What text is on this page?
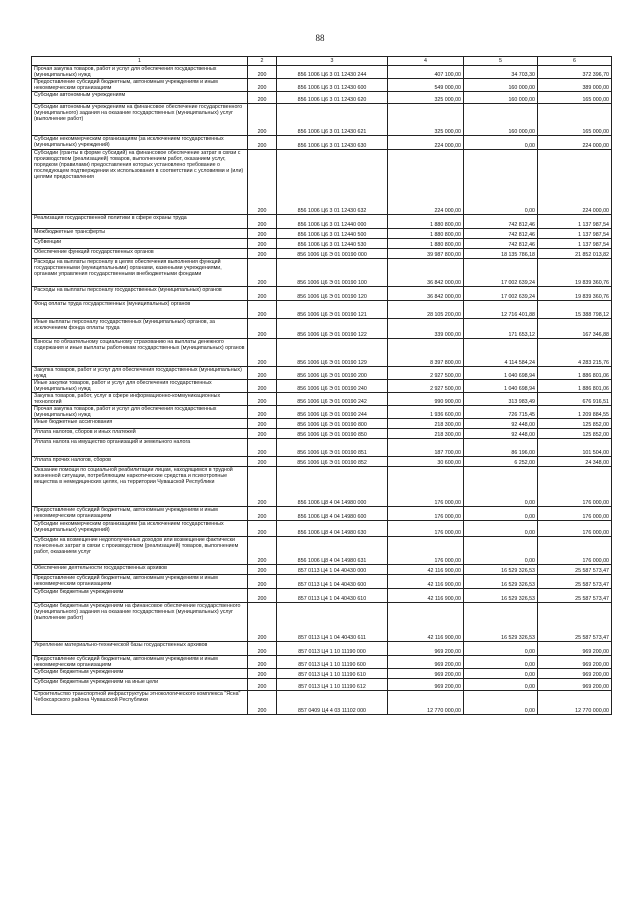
88
1	2	3	4	5	6
Прочая закупка товаров, работ и услуг для обеспечения государственных (муниципальных) нужд	200	856 1006 Ц6 3 01 12430 244	407 100,00	34 703,30	372 396,70
Предоставление субсидий бюджетным, автономным учреждениям и иным некоммерческим организациям	200	856 1006 Ц6 3 01 12430 600	549 000,00	160 000,00	389 000,00
Субсидии автономным учреждениям	200	856 1006 Ц6 3 01 12430 620	325 000,00	160 000,00	165 000,00
Субсидии автономным учреждениям на финансовое обеспечение государственного (муниципального) задания на оказание государственных (муниципальных) услуг (выполнение работ)	200	856 1006 Ц6 3 01 12430 621	325 000,00	160 000,00	165 000,00
Субсидии некоммерческим организациям (за исключением государственных (муниципальных) учреждений)	200	856 1006 Ц6 3 01 12430 630	224 000,00	0,00	224 000,00
Субсидии (гранты в форме субсидий) на финансовое обеспечение затрат в связи с производством (реализацией) товаров, выполнением работ, оказанием услуг, порядком (правилами) предоставления которых установлено требование о последующем подтверждении их использования в соответствии с условиями и (или) целями предоставления	200	856 1006 Ц6 3 01 12430 632	224 000,00	0,00	224 000,00
Реализация государственной политики в сфере охраны труда	200	856 1006 Ц6 3 01 12440 000	1 880 800,00	742 812,46	1 137 987,54
Межбюджетные трансферты	200	856 1006 Ц6 3 01 12440 500	1 880 800,00	742 812,46	1 137 987,54
Субвенции	200	856 1006 Ц6 3 01 12440 530	1 880 800,00	742 812,46	1 137 987,54
Обеспечение функций государственных органов	200	856 1006 Ц6 Э 01 00190 000	39 987 800,00	18 135 786,18	21 852 013,82
Расходы на выплаты персоналу в целях обеспечения выполнения функций государственными (муниципальными) органами, казенными учреждениями, органами управления государственными внебюджетными фондами	200	856 1006 Ц6 Э 01 00190 100	36 842 000,00	17 002 639,24	19 839 360,76
Расходы на выплаты персоналу государственных (муниципальных) органов	200	856 1006 Ц6 Э 01 00190 120	36 842 000,00	17 002 639,24	19 839 360,76
Фонд оплаты труда государственных (муниципальных) органов	200	856 1006 Ц6 Э 01 00190 121	28 105 200,00	12 716 401,88	15 388 798,12
Иные выплаты персоналу государственных (муниципальных) органов, за исключением фонда оплаты труда	200	856 1006 Ц6 Э 01 00190 122	339 000,00	171 653,12	167 346,88
Взносы по обязательному социальному страхованию на выплаты денежного содержания и иные выплаты работникам государственных (муниципальных) органов	200	856 1006 Ц6 Э 01 00190 129	8 397 800,00	4 114 584,24	4 283 215,76
Закупка товаров, работ и услуг для обеспечения государственных (муниципальных) нужд	200	856 1006 Ц6 Э 01 00190 200	2 927 500,00	1 040 698,94	1 886 801,06
Иные закупки товаров, работ и услуг для обеспечения государственных (муниципальных) нужд	200	856 1006 Ц6 Э 01 00190 240	2 927 500,00	1 040 698,94	1 886 801,06
Закупка товаров, работ, услуг в сфере информационно-коммуникационных технологий	200	856 1006 Ц6 Э 01 00190 242	990 900,00	313 983,49	676 916,51
Прочая закупка товаров, работ и услуг для обеспечения государственных (муниципальных) нужд	200	856 1006 Ц6 Э 01 00190 244	1 936 600,00	726 715,45	1 209 884,55
Иные бюджетные ассигнования	200	856 1006 Ц6 Э 01 00190 800	218 300,00	92 448,00	125 852,00
Уплата налогов, сборов и иных платежей	200	856 1006 Ц6 Э 01 00190 850	218 300,00	92 448,00	125 852,00
Уплата налога на имущество организаций и земельного налога	200	856 1006 Ц6 Э 01 00190 851	187 700,00	86 196,00	101 504,00
Уплата прочих налогов, сборов	200	856 1006 Ц6 Э 01 00190 852	30 600,00	6 252,00	24 348,00
Оказание помощи по социальной реабилитации лицам, находящимся в трудной жизненной ситуации, потребляющим наркотические средства и психотропные вещества в немедицинских целях, на территории Чувашской Республики	200	856 1006 Ц8 4 04 14980 000	176 000,00	0,00	176 000,00
Предоставление субсидий бюджетным, автономным учреждениям и иным некоммерческим организациям	200	856 1006 Ц8 4 04 14980 600	176 000,00	0,00	176 000,00
Субсидии некоммерческим организациям (за исключением государственных (муниципальных) учреждений)	200	856 1006 Ц8 4 04 14980 630	176 000,00	0,00	176 000,00
Субсидии на возмещение недополученных доходов или возмещение фактически понесенных затрат в связи с производством (реализацией) товаров, выполнением работ, оказанием услуг	200	856 1006 Ц8 4 04 14980 631	176 000,00	0,00	176 000,00
Обеспечение деятельности государственных архивов	200	857 0113 Ц4 1 04 40430 000	42 116 900,00	16 529 326,53	25 587 573,47
Предоставление субсидий бюджетным, автономным учреждениям и иным некоммерческим организациям	200	857 0113 Ц4 1 04 40430 600	42 116 900,00	16 529 326,53	25 587 573,47
Субсидии бюджетным учреждениям	200	857 0113 Ц4 1 04 40430 610	42 116 900,00	16 529 326,53	25 587 573,47
Субсидии бюджетным учреждениям на финансовое обеспечение государственного (муниципального) задания на оказание государственных (муниципальных) услуг (выполнение работ)	200	857 0113 Ц4 1 04 40430 611	42 116 900,00	16 529 326,53	25 587 573,47
Укрепление материально-технической базы государственных архивов	200	857 0113 Ц4 1 10 11190 000	969 200,00	0,00	969 200,00
Предоставление субсидий бюджетным, автономным учреждениям и иным некоммерческим организациям	200	857 0113 Ц4 1 10 11190 600	969 200,00	0,00	969 200,00
Субсидии бюджетным учреждениям	200	857 0113 Ц4 1 10 11190 610	969 200,00	0,00	969 200,00
Субсидии бюджетным учреждениям на иные цели	200	857 0113 Ц4 1 10 11190 612	969 200,00	0,00	969 200,00
Строительство транспортной инфраструктуры этнокологического комплекса "Ясна" Чебоксарского района Чувашской Республики	200	857 0409 Ц4 4 03 11102 000	12 770 000,00	0,00	12 770 000,00
